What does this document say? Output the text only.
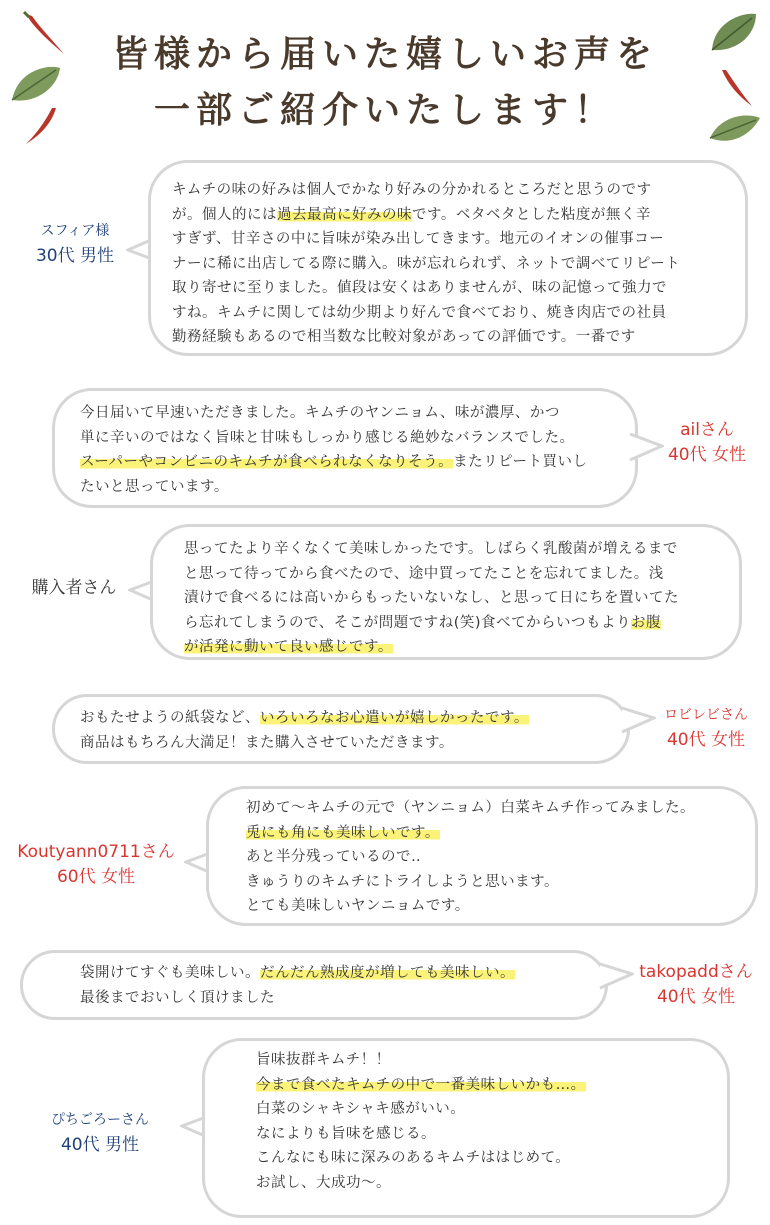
皆様から届いた嬉しいお声を
一部ご紹介いたします！
スフィア様
30代 男性

キムチの味の好みは個人でかなり好みの分かれるところだと思うのです

が。個人的には過去最高に好みの味です。ベタベタとした粘度が無く辛

すぎず、甘辛さの中に旨味が染み出してきます。地元のイオンの催事コー

ナーに稀に出店してる際に購入。味が忘れられず、ネットで調べてリピート

取り寄せに至りました。値段は安くはありませんが、味の記憶って強力で

すね。キムチに関しては幼少期より好んで食べており、焼き肉店での社員

勤務経験もあるので相当数な比較対象があっての評価です。一番です

今日届いて早速いただきました。キムチのヤンニョム、味が濃厚、かつ

単に辛いのではなく旨味と甘味もしっかり感じる絶妙なバランスでした。

スーパーやコンビニのキムチが食べられなくなりそう。またリピート買いし

たいと思っています。

ailさん
40代 女性
購入者さん

思ってたより辛くなくて美味しかったです。しばらく乳酸菌が増えるまで

と思って待ってから食べたので、途中買ってたことを忘れてました。浅

漬けで食べるには高いからもったいないなし、と思って日にちを置いてた

ら忘れてしまうので、そこが問題ですね(笑)食べてからいつもよりお腹

が活発に動いて良い感じです。

おもたせようの紙袋など、いろいろなお心遣いが嬉しかったです。

商品はもちろん大満足！また購入させていただきます。

ロビレビさん
40代 女性
Koutyann0711さん
60代 女性

初めて〜キムチの元で（ヤンニョム）白菜キムチ作ってみました。

兎にも角にも美味しいです。

あと半分残っているので‥

きゅうりのキムチにトライしようと思います。

とても美味しいヤンニョムです。

袋開けてすぐも美味しい。だんだん熟成度が増しても美味しい。

最後までおいしく頂けました

takopaddさん
40代 女性
ぴちごろーさん
40代 男性

旨味抜群キムチ！！

今まで食べたキムチの中で一番美味しいかも…。

白菜のシャキシャキ感がいい。

なによりも旨味を感じる。

こんなにも味に深みのあるキムチははじめて。

お試し、大成功〜。
